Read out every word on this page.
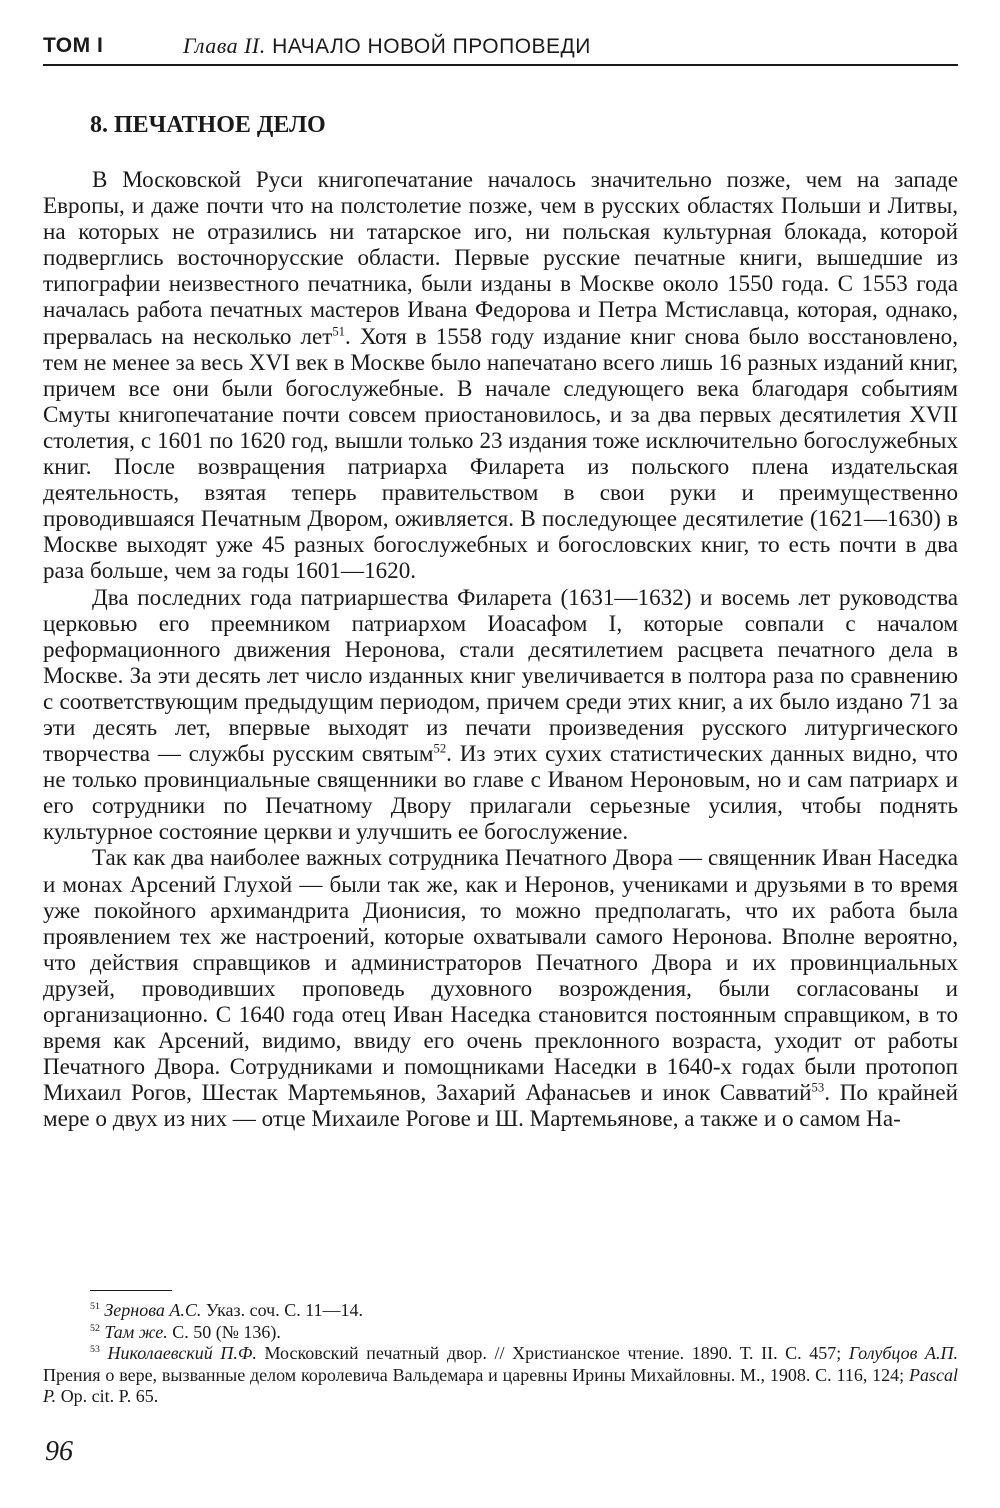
ТОМ I	Глава II. НАЧАЛО НОВОЙ ПРОПОВЕДИ
8. ПЕЧАТНОЕ ДЕЛО

В Московской Руси книгопечатание началось значительно позже, чем на западе Европы, и даже почти что на полстолетие позже, чем в русских областях Польши и Литвы, на которых не отразились ни татарское иго, ни польская культурная блокада, которой подверглись восточнорусские области. Первые русские печатные книги, вышедшие из типографии неизвестного печатника, были изданы в Москве около 1550 года. С 1553 года началась работа печатных мастеров Ивана Федорова и Петра Мстиславца, которая, однако, прервалась на несколько лет$^{51}$. Хотя в 1558 году издание книг снова было восстановлено, тем не менее за весь XVI век в Москве было напечатано всего лишь 16 разных изданий книг, причем все они были богослужебные. В начале следующего века благодаря событиям Смуты книгопечатание почти совсем приостановилось, и за два первых десятилетия XVII столетия, с 1601 по 1620 год, вышли только 23 издания тоже исключительно богослужебных книг. После возвращения патриарха Филарета из польского плена издательская деятельность, взятая теперь правительством в свои руки и преимущественно проводившаяся Печатным Двором, оживляется. В последующее десятилетие (1621—1630) в Москве выходят уже 45 разных богослужебных и богословских книг, то есть почти в два раза больше, чем за годы 1601—1620.

Два последних года патриаршества Филарета (1631—1632) и восемь лет руководства церковью его преемником патриархом Иоасафом I, которые совпали с началом реформационного движения Неронова, стали десятилетием расцвета печатного дела в Москве. За эти десять лет число изданных книг увеличивается в полтора раза по сравнению с соответствующим предыдущим периодом, причем среди этих книг, а их было издано 71 за эти десять лет, впервые выходят из печати произведения русского литургического творчества — службы русским святым$^{52}$. Из этих сухих статистических данных видно, что не только провинциальные священники во главе с Иваном Нероновым, но и сам патриарх и его сотрудники по Печатному Двору прилагали серьезные усилия, чтобы поднять культурное состояние церкви и улучшить ее богослужение.

Так как два наиболее важных сотрудника Печатного Двора — священник Иван Наседка и монах Арсений Глухой — были так же, как и Неронов, учениками и друзьями в то время уже покойного архимандрита Дионисия, то можно предполагать, что их работа была проявлением тех же настроений, которые охватывали самого Неронова. Вполне вероятно, что действия справщиков и администраторов Печатного Двора и их провинциальных друзей, проводивших проповедь духовного возрождения, были согласованы и организационно. С 1640 года отец Иван Наседка становится постоянным справщиком, в то время как Арсений, видимо, ввиду его очень преклонного возраста, уходит от работы Печатного Двора. Сотрудниками и помощниками Наседки в 1640-х годах были протопоп Михаил Рогов, Шестак Мартемьянов, Захарий Афанасьев и инок Савватий$^{53}$. По крайней мере о двух из них — отце Михаиле Рогове и Ш. Мартемьянове, а также и о самом На-

$^{51}$ Зернова А.С. Указ. соч. С. 11—14.

$^{52}$ Там же. С. 50 (№ 136).

$^{53}$ Николаевский П.Ф. Московский печатный двор. // Христианское чтение. 1890. Т. II. С. 457; Голубцов А.П. Прения о вере, вызванные делом королевича Вальдемара и царевны Ирины Михайловны. М., 1908. С. 116, 124; Pascal P. Op. cit. P. 65.

96
